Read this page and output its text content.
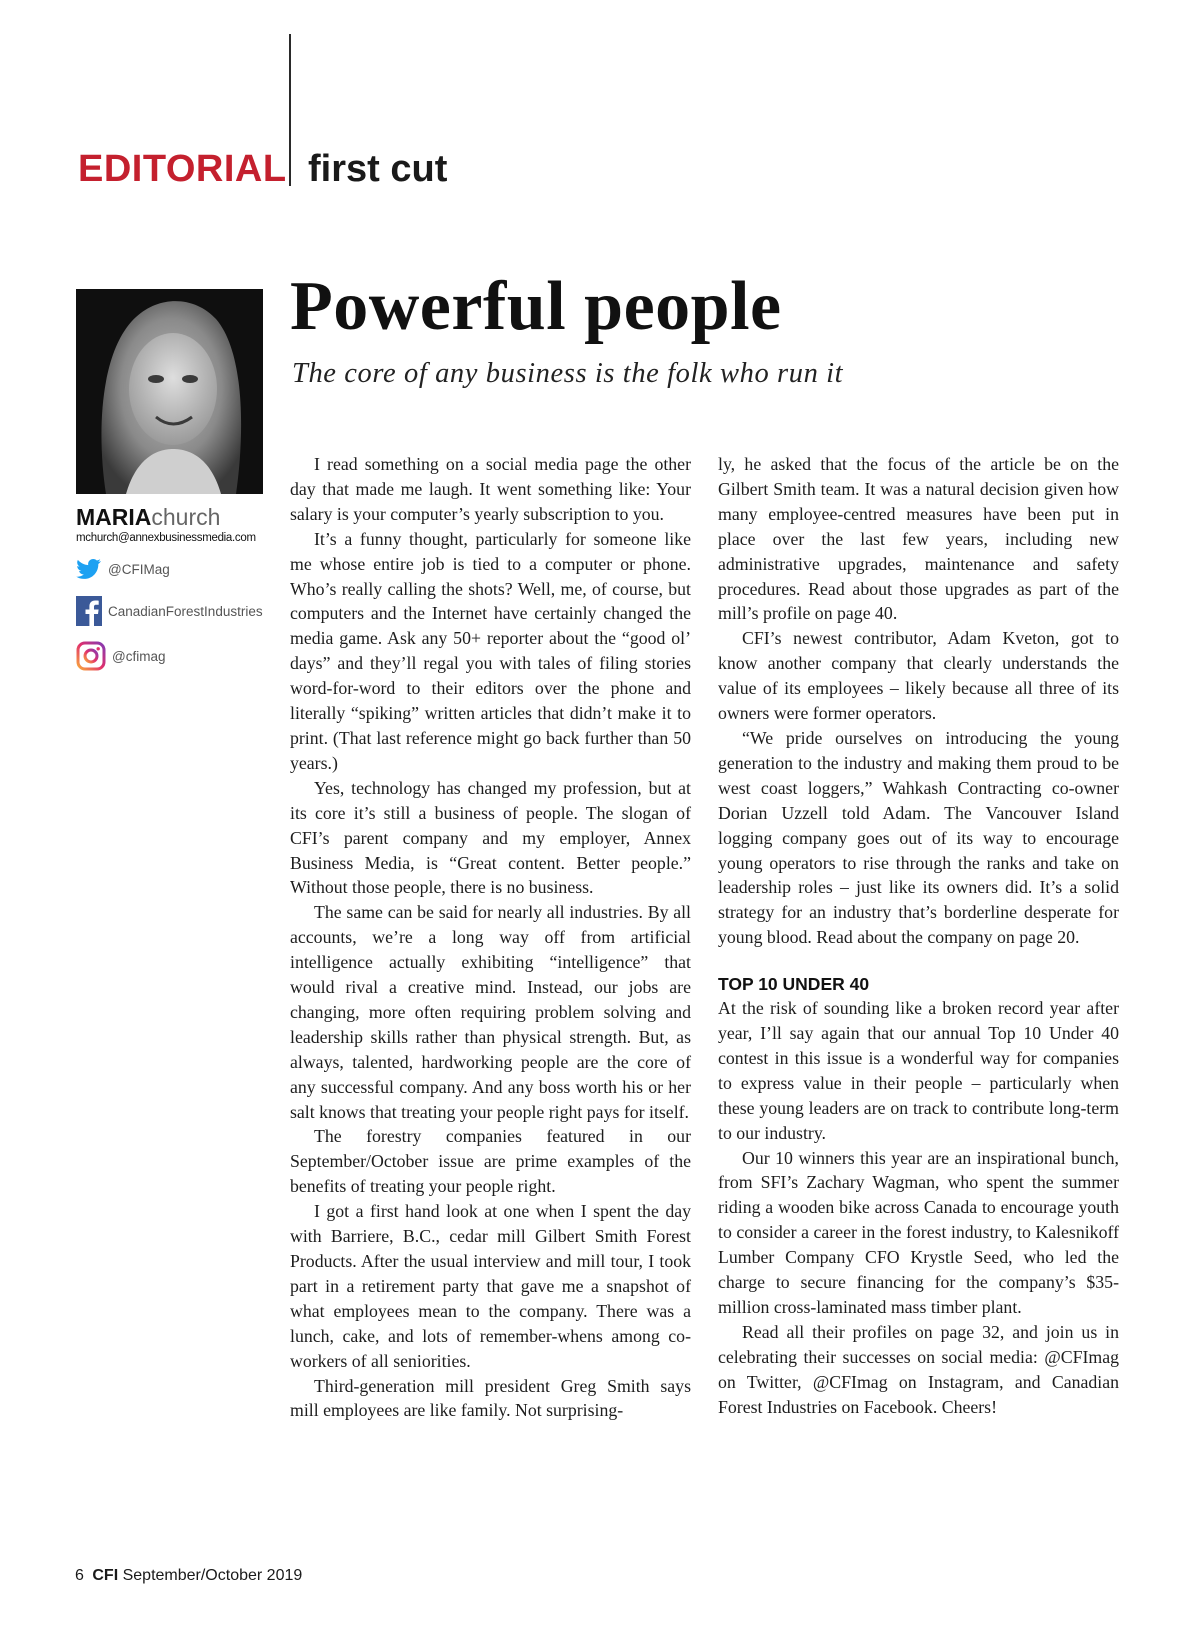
EDITORIAL first cut
MARIAchurch
mchurch@annexbusinessmedia.com
@CFIMag
CanadianForestIndustries
@cfimag
Powerful people
The core of any business is the folk who run it

I read something on a social media page the other day that made me laugh. It went something like: Your salary is your computer’s yearly subscription to you.

It’s a funny thought, particularly for someone like me whose entire job is tied to a computer or phone. Who’s really calling the shots? Well, me, of course, but computers and the Internet have certainly changed the media game. Ask any 50+ reporter about the “good ol’ days” and they’ll regal you with tales of filing stories word-for-word to their editors over the phone and literally “spiking” written articles that didn’t make it to print. (That last reference might go back further than 50 years.)

Yes, technology has changed my profession, but at its core it’s still a business of people. The slogan of CFI’s parent company and my employer, Annex Business Media, is “Great content. Better people.” Without those people, there is no business.

The same can be said for nearly all industries. By all accounts, we’re a long way off from artificial intelligence actually exhibiting “intelligence” that would rival a creative mind. Instead, our jobs are changing, more often requiring problem solving and leadership skills rather than physical strength. But, as always, talented, hardworking people are the core of any successful company. And any boss worth his or her salt knows that treating your people right pays for itself.

The forestry companies featured in our September/October issue are prime examples of the benefits of treating your people right.

I got a first hand look at one when I spent the day with Barriere, B.C., cedar mill Gilbert Smith Forest Products. After the usual interview and mill tour, I took part in a retirement party that gave me a snapshot of what employees mean to the company. There was a lunch, cake, and lots of remember-whens among co-workers of all seniorities.

Third-generation mill president Greg Smith says mill employees are like family. Not surprising-

ly, he asked that the focus of the article be on the Gilbert Smith team. It was a natural decision given how many employee-centred measures have been put in place over the last few years, including new administrative upgrades, maintenance and safety procedures. Read about those upgrades as part of the mill’s profile on page 40.

CFI’s newest contributor, Adam Kveton, got to know another company that clearly understands the value of its employees – likely because all three of its owners were former operators.

“We pride ourselves on introducing the young generation to the industry and making them proud to be west coast loggers,” Wahkash Contracting co-owner Dorian Uzzell told Adam. The Vancouver Island logging company goes out of its way to encourage young operators to rise through the ranks and take on leadership roles – just like its owners did. It’s a solid strategy for an industry that’s borderline desperate for young blood. Read about the company on page 20.

TOP 10 UNDER 40

At the risk of sounding like a broken record year after year, I’ll say again that our annual Top 10 Under 40 contest in this issue is a wonderful way for companies to express value in their people – particularly when these young leaders are on track to contribute long-term to our industry.

Our 10 winners this year are an inspirational bunch, from SFI’s Zachary Wagman, who spent the summer riding a wooden bike across Canada to encourage youth to consider a career in the forest industry, to Kalesnikoff Lumber Company CFO Krystle Seed, who led the charge to secure financing for the company’s $35-million cross-laminated mass timber plant.

Read all their profiles on page 32, and join us in celebrating their successes on social media: @CFImag on Twitter, @CFImag on Instagram, and Canadian Forest Industries on Facebook. Cheers!

6 CFI September/October 2019
